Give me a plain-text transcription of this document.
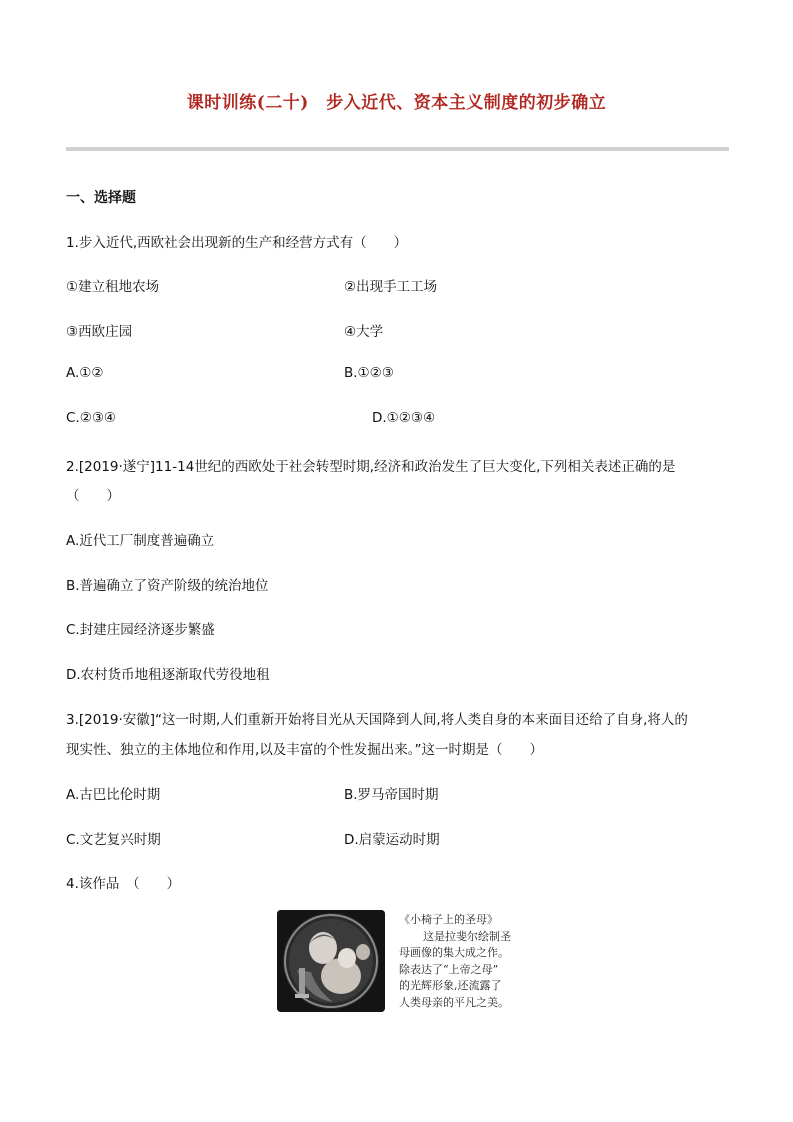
课时训练(二十)　步入近代、资本主义制度的初步确立
一、选择题
1.步入近代,西欧社会出现新的生产和经营方式有（　　）
①建立租地农场	②出现手工工场
③西欧庄园	④大学
A.①②	B.①②③
C.②③④	D.①②③④
2.[2019·遂宁]11-14世纪的西欧处于社会转型时期,经济和政治发生了巨大变化,下列相关表述正确的是
（　　）
A.近代工厂制度普遍确立
B.普遍确立了资产阶级的统治地位
C.封建庄园经济逐步繁盛
D.农村货币地租逐渐取代劳役地租
3.[2019·安徽]“这一时期,人们重新开始将目光从天国降到人间,将人类自身的本来面目还给了自身,将人的
现实性、独立的主体地位和作用,以及丰富的个性发掘出来。”这一时期是（　　）
A.古巴比伦时期	B.罗马帝国时期
C.文艺复兴时期	D.启蒙运动时期
4.该作品　（　　）
《小椅子上的圣母》
这是拉斐尔绘制圣
母画像的集大成之作。
除表达了“上帝之母”
的光辉形象,还流露了
人类母亲的平凡之美。
